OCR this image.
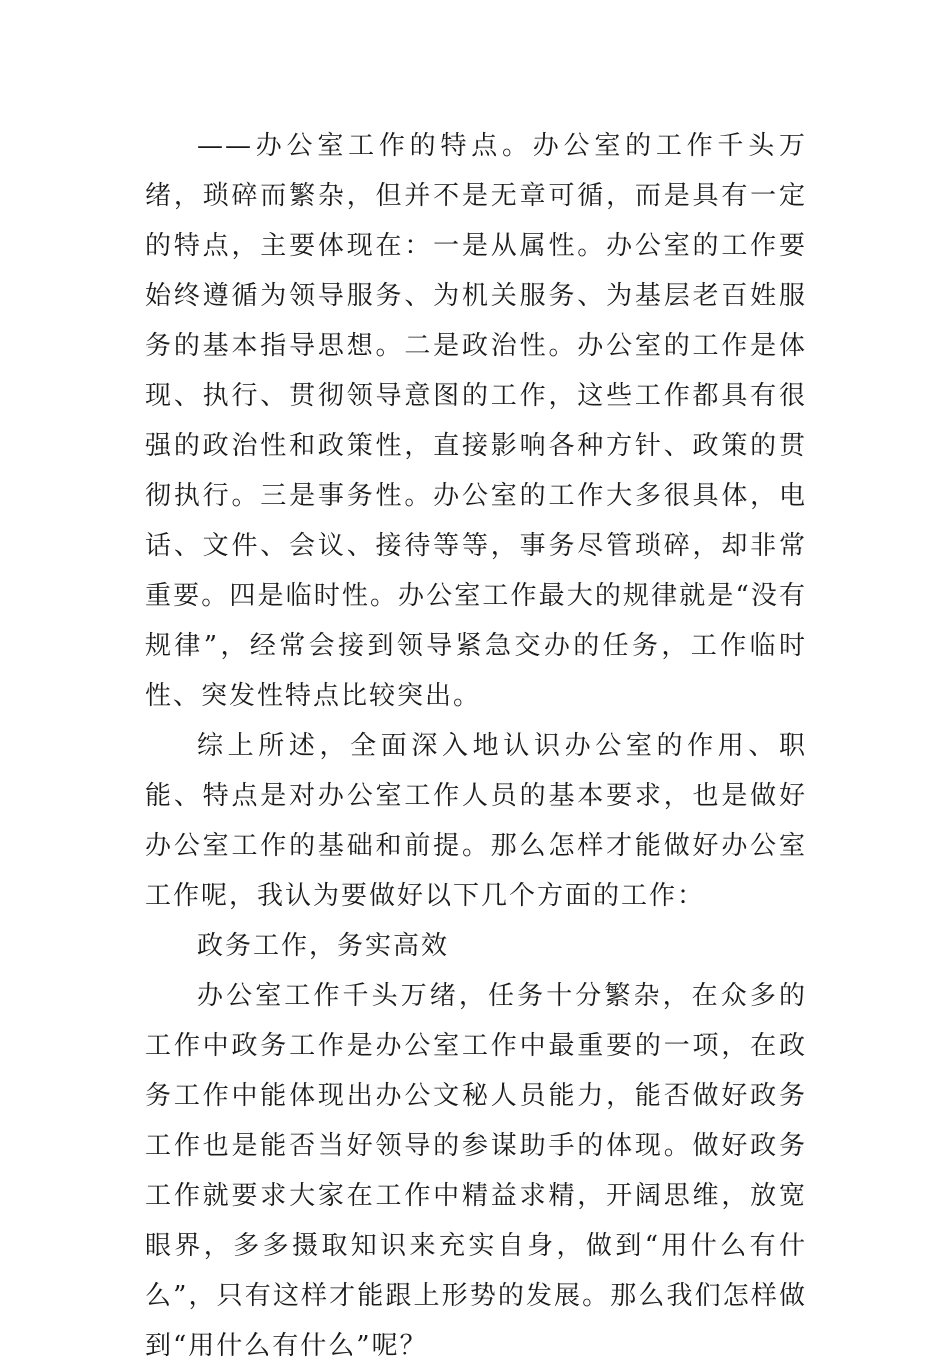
——办公室工作的特点。办公室的工作千头万绪，琐碎而繁杂，但并不是无章可循，而是具有一定的特点，主要体现在：一是从属性。办公室的工作要始终遵循为领导服务、为机关服务、为基层老百姓服务的基本指导思想。二是政治性。办公室的工作是体现、执行、贯彻领导意图的工作，这些工作都具有很强的政治性和政策性，直接影响各种方针、政策的贯彻执行。三是事务性。办公室的工作大多很具体，电话、文件、会议、接待等等，事务尽管琐碎，却非常重要。四是临时性。办公室工作最大的规律就是“没有规律”，经常会接到领导紧急交办的任务，工作临时性、突发性特点比较突出。

综上所述，全面深入地认识办公室的作用、职能、特点是对办公室工作人员的基本要求，也是做好办公室工作的基础和前提。那么怎样才能做好办公室工作呢，我认为要做好以下几个方面的工作：

政务工作，务实高效

办公室工作千头万绪，任务十分繁杂，在众多的工作中政务工作是办公室工作中最重要的一项，在政务工作中能体现出办公文秘人员能力，能否做好政务工作也是能否当好领导的参谋助手的体现。做好政务工作就要求大家在工作中精益求精，开阔思维，放宽眼界，多多摄取知识来充实自身，做到“用什么有什么”，只有这样才能跟上形势的发展。那么我们怎样做到“用什么有什么”呢？
